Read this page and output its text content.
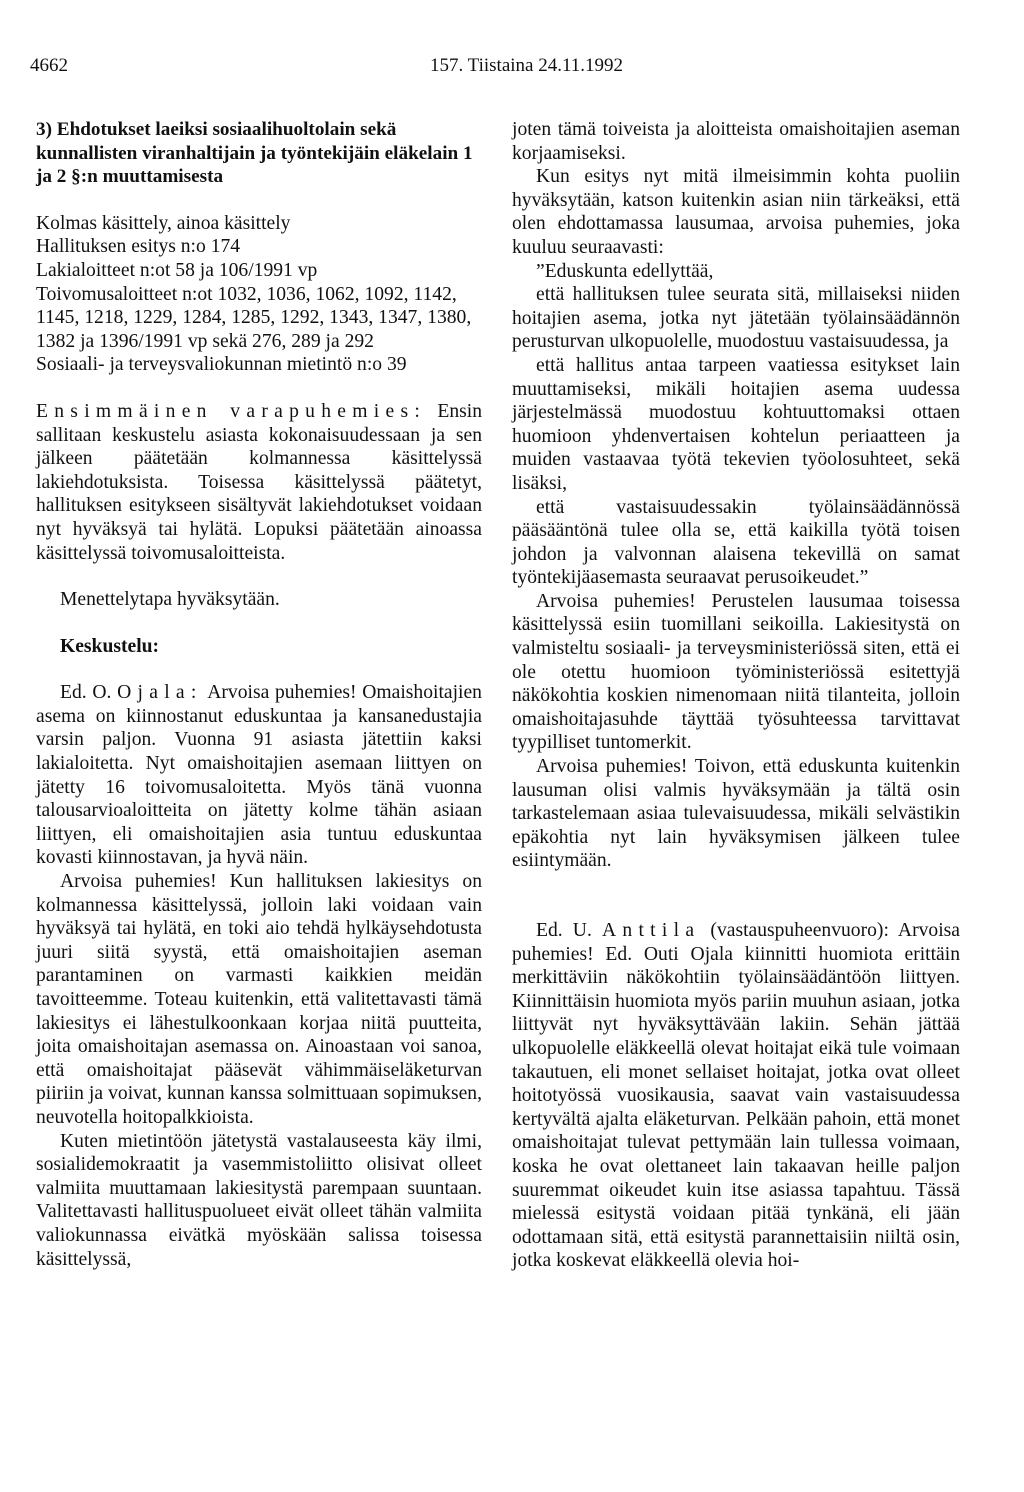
4662	157. Tiistaina 24.11.1992

3) Ehdotukset laeiksi sosiaalihuoltolain sekä kunnallisten viranhaltijain ja työntekijäin eläkelain 1 ja 2 §:n muuttamisesta

Kolmas käsittely, ainoa käsittely

Hallituksen esitys n:o 174

Lakialoitteet n:ot 58 ja 106/1991 vp

Toivomusaloitteet n:ot 1032, 1036, 1062, 1092, 1142, 1145, 1218, 1229, 1284, 1285, 1292, 1343, 1347, 1380, 1382 ja 1396/1991 vp sekä 276, 289 ja 292

Sosiaali- ja terveysvaliokunnan mietintö n:o 39

Ensimmäinen varapuhemies: Ensin sallitaan keskustelu asiasta kokonaisuudessaan ja sen jälkeen päätetään kolmannessa käsittelyssä lakiehdotuksista. Toisessa käsittelyssä päätetyt, hallituksen esitykseen sisältyvät lakiehdotukset voidaan nyt hyväksyä tai hylätä. Lopuksi päätetään ainoassa käsittelyssä toivomusaloitteista.

Menettelytapa hyväksytään.

Keskustelu:

Ed. O. Ojala: Arvoisa puhemies! Omaishoitajien asema on kiinnostanut eduskuntaa ja kansanedustajia varsin paljon. Vuonna 91 asiasta jätettiin kaksi lakialoitetta. Nyt omaishoitajien asemaan liittyen on jätetty 16 toivomusaloitetta. Myös tänä vuonna talousarvioaloitteita on jätetty kolme tähän asiaan liittyen, eli omaishoitajien asia tuntuu eduskuntaa kovasti kiinnostavan, ja hyvä näin.

Arvoisa puhemies! Kun hallituksen lakiesitys on kolmannessa käsittelyssä, jolloin laki voidaan vain hyväksyä tai hylätä, en toki aio tehdä hylkäysehdotusta juuri siitä syystä, että omaishoitajien aseman parantaminen on varmasti kaikkien meidän tavoitteemme. Toteau kuitenkin, että valitettavasti tämä lakiesitys ei lähestulkoonkaan korjaa niitä puutteita, joita omaishoitajan asemassa on. Ainoastaan voi sanoa, että omaishoitajat pääsevät vähimmäiseläketurvan piiriin ja voivat, kunnan kanssa solmittuaan sopimuksen, neuvotella hoitopalkkioista.

Kuten mietintöön jätetystä vastalauseesta käy ilmi, sosialidemokraatit ja vasemmistoliitto olisivat olleet valmiita muuttamaan lakiesitystä parempaan suuntaan. Valitettavasti hallituspuolueet eivät olleet tähän valmiita valiokunnassa eivätkä myöskään salissa toisessa käsittelyssä,

joten tämä toiveista ja aloitteista omaishoitajien aseman korjaamiseksi.

Kun esitys nyt mitä ilmeisimmin kohta puoliin hyväksytään, katson kuitenkin asian niin tärkeäksi, että olen ehdottamassa lausumaa, arvoisa puhemies, joka kuuluu seuraavasti:

”Eduskunta edellyttää,

että hallituksen tulee seurata sitä, millaiseksi niiden hoitajien asema, jotka nyt jätetään työlainsäädännön perusturvan ulkopuolelle, muodostuu vastaisuudessa, ja

että hallitus antaa tarpeen vaatiessa esitykset lain muuttamiseksi, mikäli hoitajien asema uudessa järjestelmässä muodostuu kohtuuttomaksi ottaen huomioon yhdenvertaisen kohtelun periaatteen ja muiden vastaavaa työtä tekevien työolosuhteet, sekä lisäksi,

että vastaisuudessakin työlainsäädännössä pääsääntönä tulee olla se, että kaikilla työtä toisen johdon ja valvonnan alaisena tekevillä on samat työntekijäasemasta seuraavat perusoikeudet.”

Arvoisa puhemies! Perustelen lausumaa toisessa käsittelyssä esiin tuomillani seikoilla. Lakiesitystä on valmisteltu sosiaali- ja terveysministeriössä siten, että ei ole otettu huomioon työministeriössä esitettyjä näkökohtia koskien nimenomaan niitä tilanteita, jolloin omaishoitajasuhde täyttää työsuhteessa tarvittavat tyypilliset tuntomerkit.

Arvoisa puhemies! Toivon, että eduskunta kuitenkin lausuman olisi valmis hyväksymään ja tältä osin tarkastelemaan asiaa tulevaisuudessa, mikäli selvästikin epäkohtia nyt lain hyväksymisen jälkeen tulee esiintymään.

Ed. U. Anttila (vastauspuheenvuoro): Arvoisa puhemies! Ed. Outi Ojala kiinnitti huomiota erittäin merkittäviin näkökohtiin työlainsäädäntöön liittyen. Kiinnittäisin huomiota myös pariin muuhun asiaan, jotka liittyvät nyt hyväksyttävään lakiin. Sehän jättää ulkopuolelle eläkkeellä olevat hoitajat eikä tule voimaan takautuen, eli monet sellaiset hoitajat, jotka ovat olleet hoitotyössä vuosikausia, saavat vain vastaisuudessa kertyvältä ajalta eläketurvan. Pelkään pahoin, että monet omaishoitajat tulevat pettymään lain tullessa voimaan, koska he ovat olettaneet lain takaavan heille paljon suuremmat oikeudet kuin itse asiassa tapahtuu. Tässä mielessä esitystä voidaan pitää tynkänä, eli jään odottamaan sitä, että esitystä parannettaisiin niiltä osin, jotka koskevat eläkkeellä olevia hoi-
